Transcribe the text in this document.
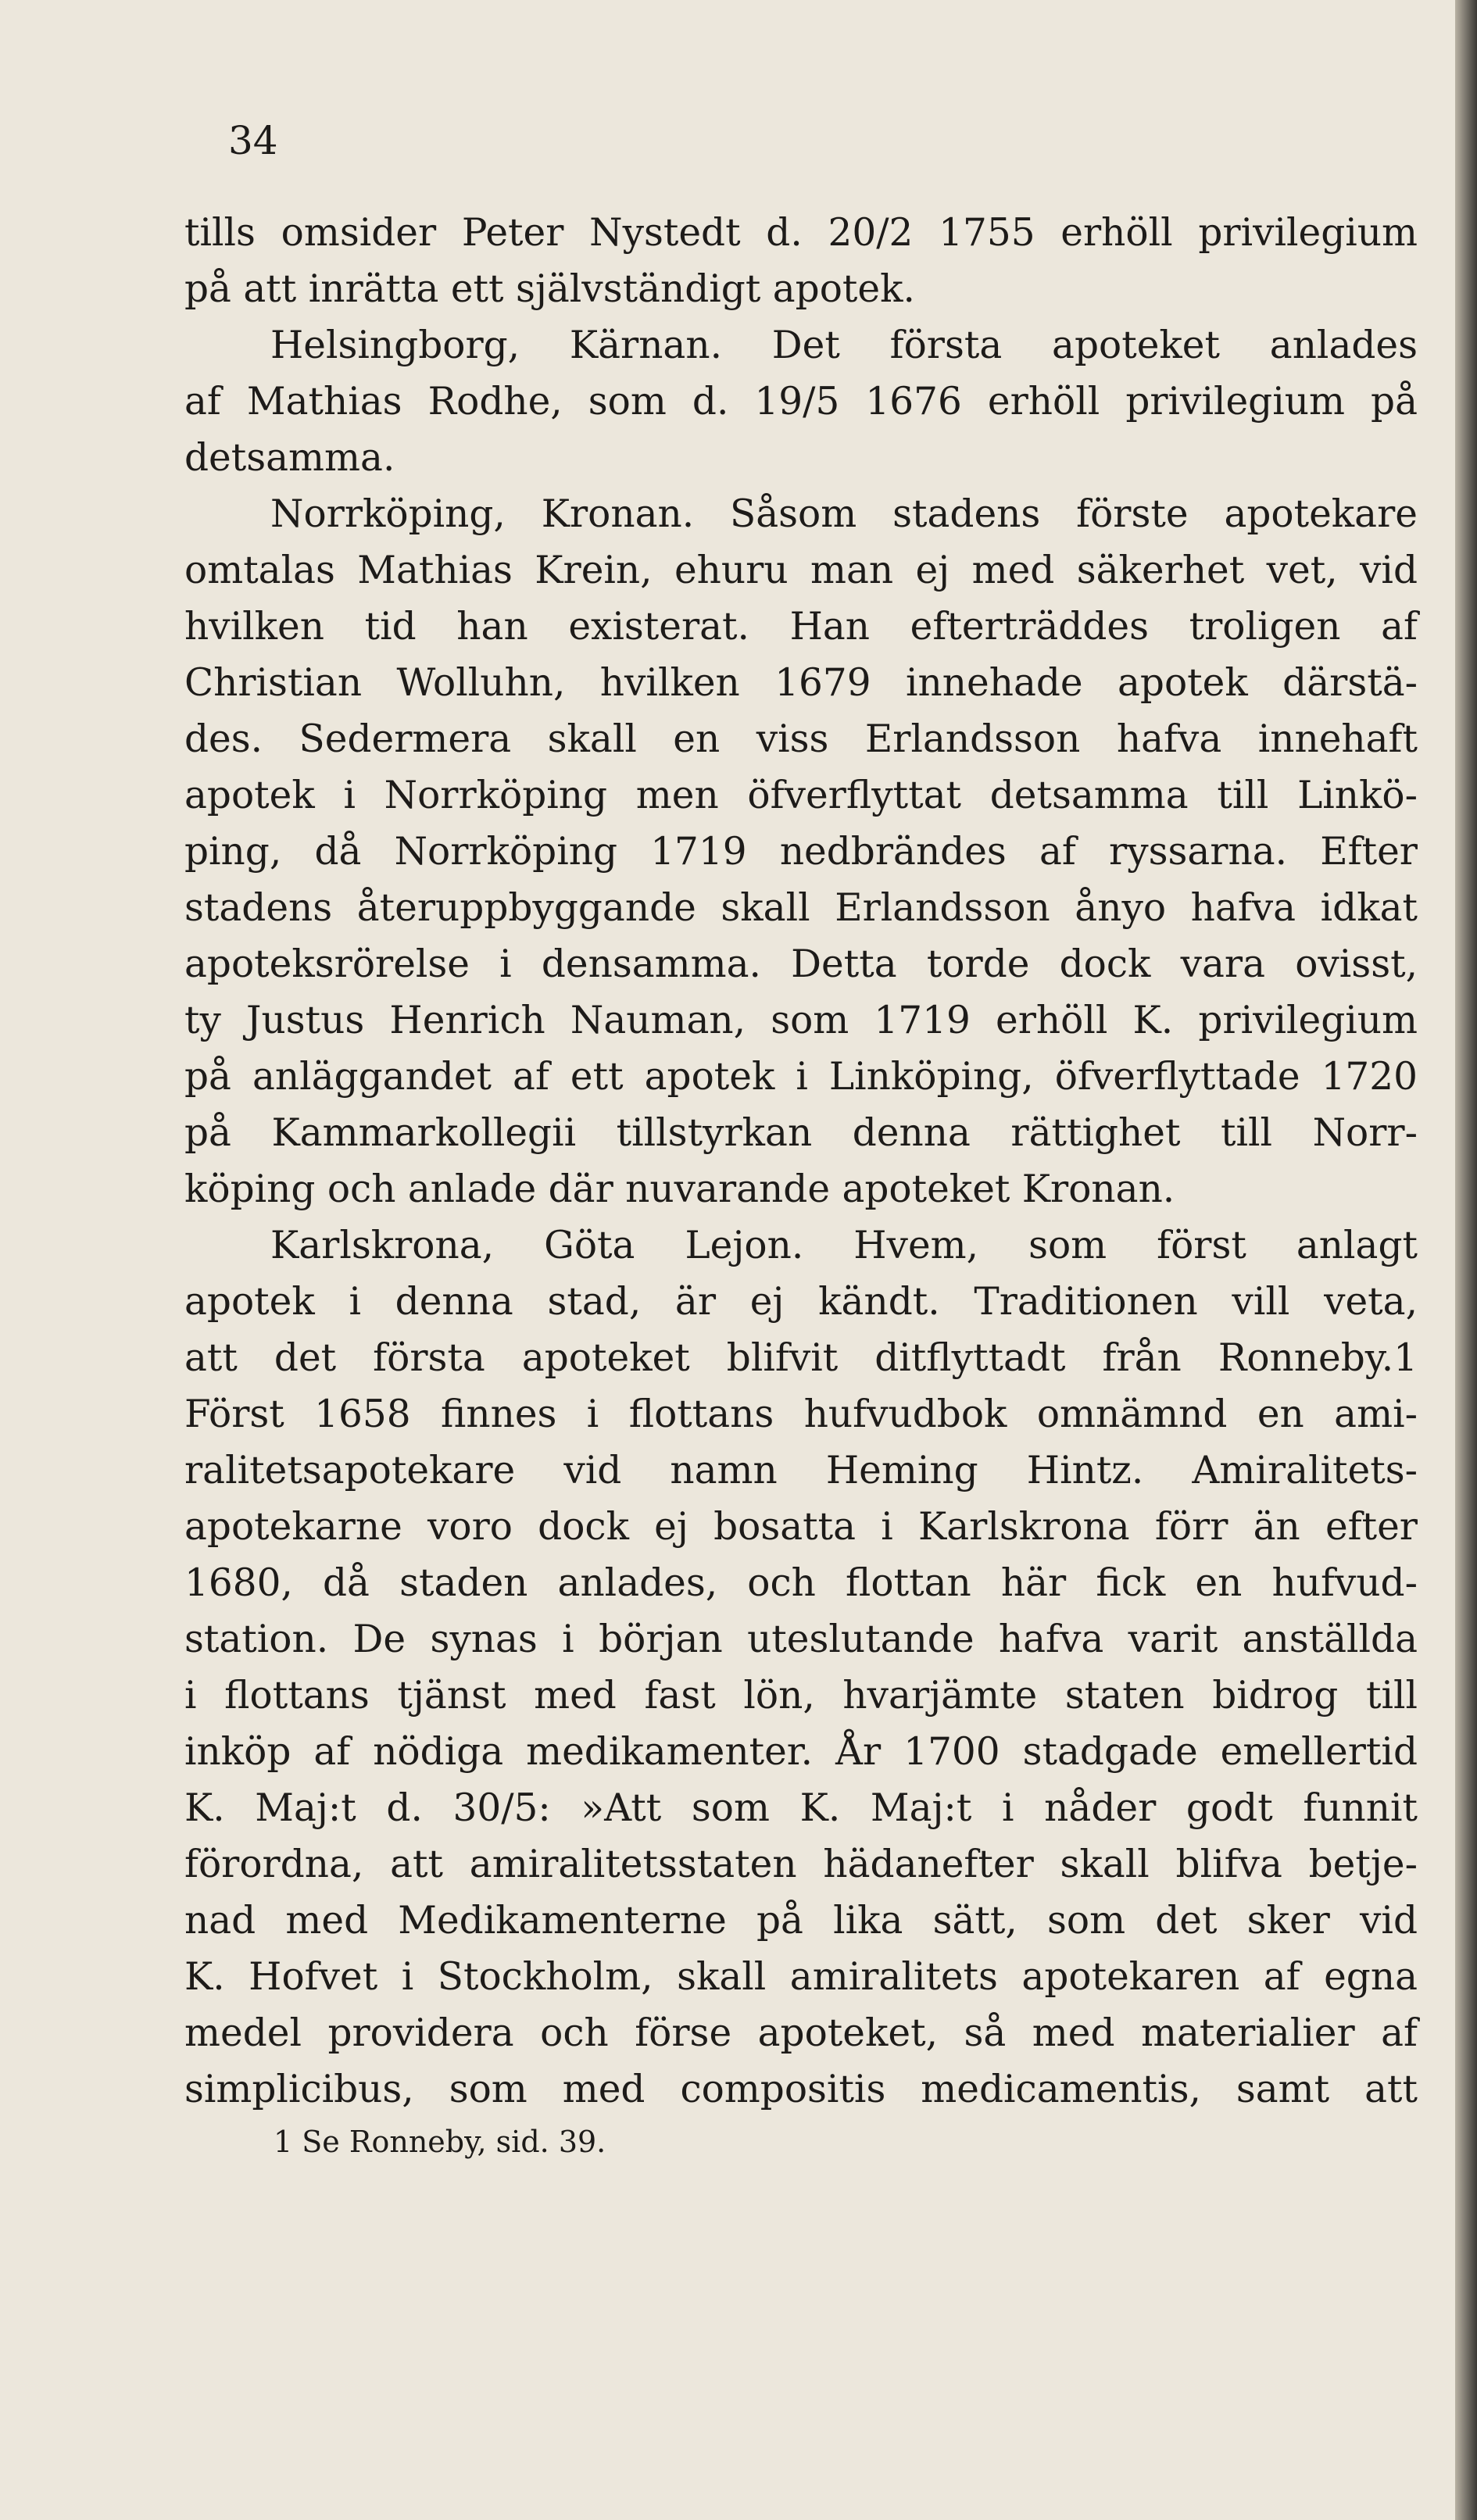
34
tills omsider Peter Nystedt d. 20/2 1755 erhöll privilegium
på att inrätta ett självständigt apotek.
Helsingborg, Kärnan. Det första apoteket anlades
af Mathias Rodhe, som d. 19/5 1676 erhöll privilegium på
detsamma.
Norrköping, Kronan. Såsom stadens förste apotekare
omtalas Mathias Krein, ehuru man ej med säkerhet vet, vid
hvilken tid han existerat. Han efterträddes troligen af
Christian Wolluhn, hvilken 1679 innehade apotek därstä-
des. Sedermera skall en viss Erlandsson hafva innehaft
apotek i Norrköping men öfverflyttat detsamma till Linkö-
ping, då Norrköping 1719 nedbrändes af ryssarna. Efter
stadens återuppbyggande skall Erlandsson ånyo hafva idkat
apoteksrörelse i densamma. Detta torde dock vara ovisst,
ty Justus Henrich Nauman, som 1719 erhöll K. privilegium
på anläggandet af ett apotek i Linköping, öfverflyttade 1720
på Kammarkollegii tillstyrkan denna rättighet till Norr-
köping och anlade där nuvarande apoteket Kronan.
Karlskrona, Göta Lejon. Hvem, som först anlagt
apotek i denna stad, är ej kändt. Traditionen vill veta,
att det första apoteket blifvit ditflyttadt från Ronneby.1
Först 1658 finnes i flottans hufvudbok omnämnd en ami-
ralitetsapotekare vid namn Heming Hintz. Amiralitets-
apotekarne voro dock ej bosatta i Karlskrona förr än efter
1680, då staden anlades, och flottan här fick en hufvud-
station. De synas i början uteslutande hafva varit anställda
i flottans tjänst med fast lön, hvarjämte staten bidrog till
inköp af nödiga medikamenter. År 1700 stadgade emellertid
K. Maj:t d. 30/5: »Att som K. Maj:t i nåder godt funnit
förordna, att amiralitetsstaten hädanefter skall blifva betje-
nad med Medikamenterne på lika sätt, som det sker vid
K. Hofvet i Stockholm, skall amiralitets apotekaren af egna
medel providera och förse apoteket, så med materialier af
simplicibus, som med compositis medicamentis, samt att
1 Se Ronneby, sid. 39.
